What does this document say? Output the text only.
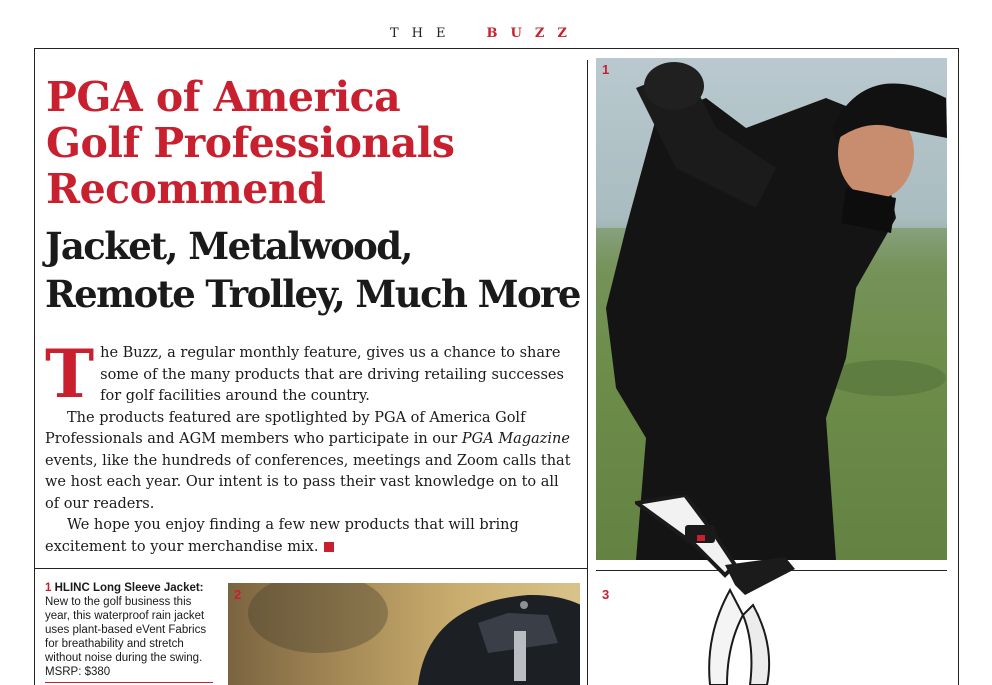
THE BUZZ
PGA of America
Golf Professionals
Recommend
Jacket, Metalwood,
Remote Trolley, Much More
T he Buzz, a regular monthly feature, gives us a chance to share some of the many products that are driving retailing successes for golf facilities around the country.

The products featured are spotlighted by PGA of America Golf Professionals and AGM members who participate in our PGA Magazine events, like the hundreds of conferences, meetings and Zoom calls that we host each year. Our intent is to pass their vast knowledge on to all of our readers.

We hope you enjoy finding a few new products that will bring excitement to your merchandise mix.

1
2	3
1 HLINC Long Sleeve Jacket: New to the golf business this year, this waterproof rain jacket uses plant-based eVent Fabrics for breathability and stretch without noise during the swing. MSRP: $380
